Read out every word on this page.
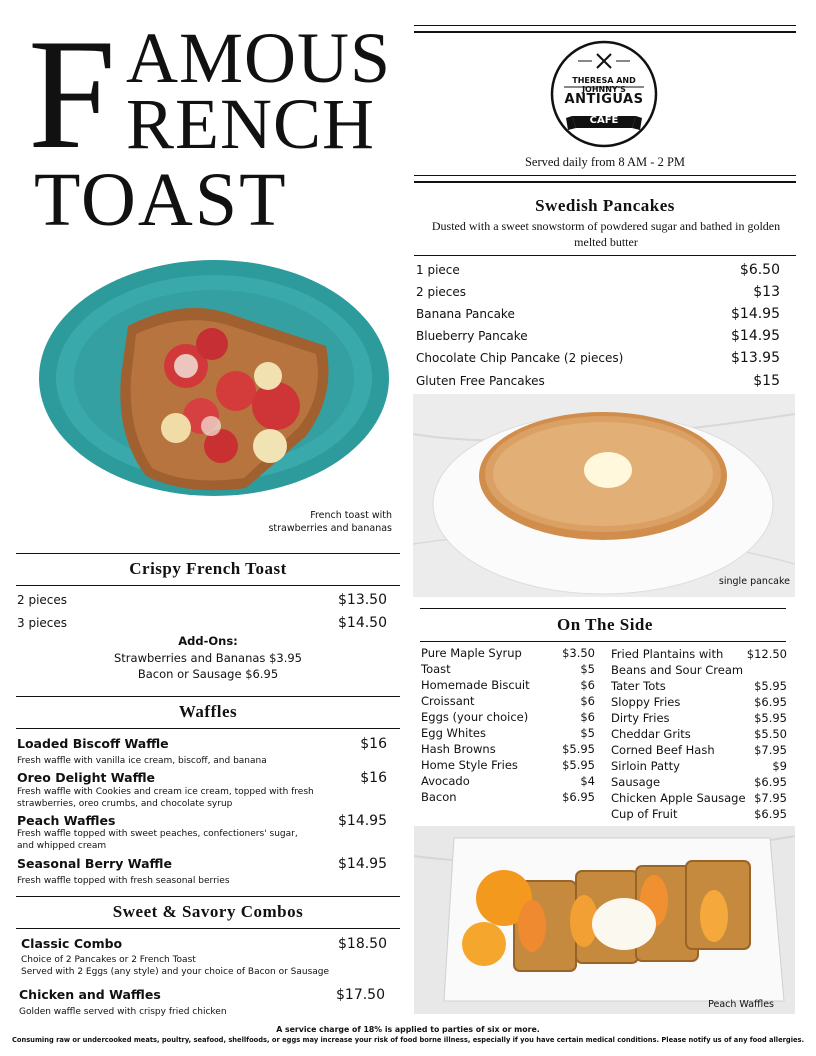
F AMOUS
RENCH
TOAST
French toast with strawberries and bananas
Crispy French Toast
2 pieces	$13.50
3 pieces	$14.50
Add-Ons:
Strawberries and Bananas $3.95
Bacon or Sausage $6.95
Waffles
Loaded Biscoff Waffle	$16
Fresh waffle with vanilla ice cream, biscoff, and banana
Oreo Delight Waffle	$16
Fresh waffle with Cookies and cream ice cream, topped with fresh strawberries, oreo crumbs, and chocolate syrup
Peach Waffles	$14.95
Fresh waffle topped with sweet peaches, confectioners' sugar, and whipped cream
Seasonal Berry Waffle	$14.95
Fresh waffle topped with fresh seasonal berries
Sweet & Savory Combos
Classic Combo	$18.50
Choice of 2 Pancakes or 2 French Toast
Served with 2 Eggs (any style) and your choice of Bacon or Sausage
Chicken and Waffles	$17.50
Golden waffle served with crispy fried chicken
THERESA AND JOHNNY'S
ANTIGUAS
CAFE
Served daily from 8 AM - 2 PM
Swedish Pancakes
Dusted with a sweet snowstorm of powdered sugar and bathed in golden melted butter
1 piece	$6.50
2 pieces	$13
Banana Pancake	$14.95
Blueberry Pancake	$14.95
Chocolate Chip Pancake (2 pieces)	$13.95
Gluten Free Pancakes	$15
single pancake
On The Side
Pure Maple Syrup	$3.50
Toast	$5
Homemade Biscuit	$6
Croissant	$6
Eggs (your choice)	$6
Egg Whites	$5
Hash Browns	$5.95
Home Style Fries	$5.95
Avocado	$4
Bacon	$6.95
Fried Plantains with $12.50
Beans and Sour Cream
Tater Tots	$5.95
Sloppy Fries	$6.95
Dirty Fries	$5.95
Cheddar Grits	$5.50
Corned Beef Hash	$7.95
Sirloin Patty	$9
Sausage	$6.95
Chicken Apple Sausage $7.95
Cup of Fruit	$6.95
Peach Waffles
A service charge of 18% is applied to parties of six or more.
Consuming raw or undercooked meats, poultry, seafood, shellfoods, or eggs may increase your risk of food borne illness, especially if you have certain medical conditions. Please notify us of any food allergies.
